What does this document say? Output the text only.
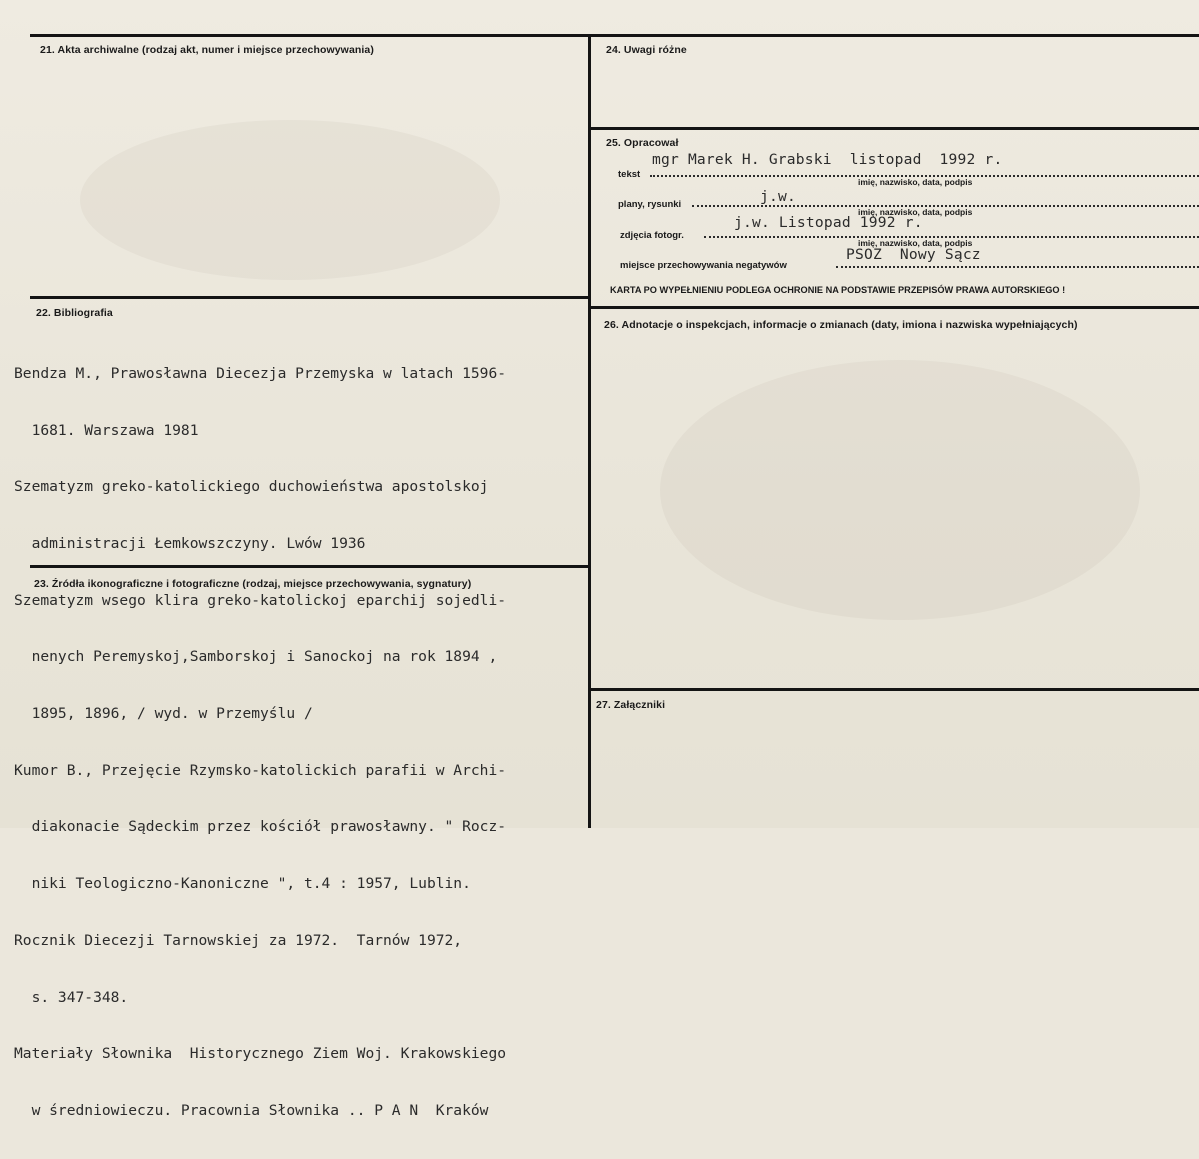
21. Akta archiwalne (rodzaj akt, numer i miejsce przechowywania)
22. Bibliografia

Bendza M., Prawosławna Diecezja Przemyska w latach 1596-

1681. Warszawa 1981

Szematyzm greko-katolickiego duchowieństwa apostolskoj

administracji Łemkowszczyny. Lwów 1936

Szematyzm wsego klira greko-katolickoj eparchij sojedli-

nenych Peremyskoj,Samborskoj i Sanockoj na rok 1894 ,

1895, 1896, / wyd. w Przemyślu /

Kumor B., Przejęcie Rzymsko-katolickich parafii w Archi-

diakonacie Sądeckim przez kościół prawosławny. " Rocz-

niki Teologiczno-Kanoniczne ", t.4 : 1957, Lublin.

Rocznik Diecezji Tarnowskiej za 1972.  Tarnów 1972,

s. 347-348.

Materiały Słownika  Historycznego Ziem Woj. Krakowskiego

w średniowieczu. Pracownia Słownika .. P A N  Kraków

23. Źródła ikonograficzne i fotograficzne (rodzaj, miejsce przechowywania, sygnatury)
24. Uwagi różne
25. Opracował
tekst
mgr Marek H. Grabski  listopad  1992 r.
imię, nazwisko, data, podpis
plany, rysunki	j.w.
imię, nazwisko, data, podpis
zdjęcia fotogr.
j.w. Listopad 1992 r.
imię, nazwisko, data, podpis
miejsce przechowywania negatywów
PSOZ  Nowy Sącz
KARTA PO WYPEŁNIENIU PODLEGA OCHRONIE NA PODSTAWIE PRZEPISÓW PRAWA AUTORSKIEGO !
26. Adnotacje o inspekcjach, informacje o zmianach (daty, imiona i nazwiska wypełniających)
27. Załączniki
